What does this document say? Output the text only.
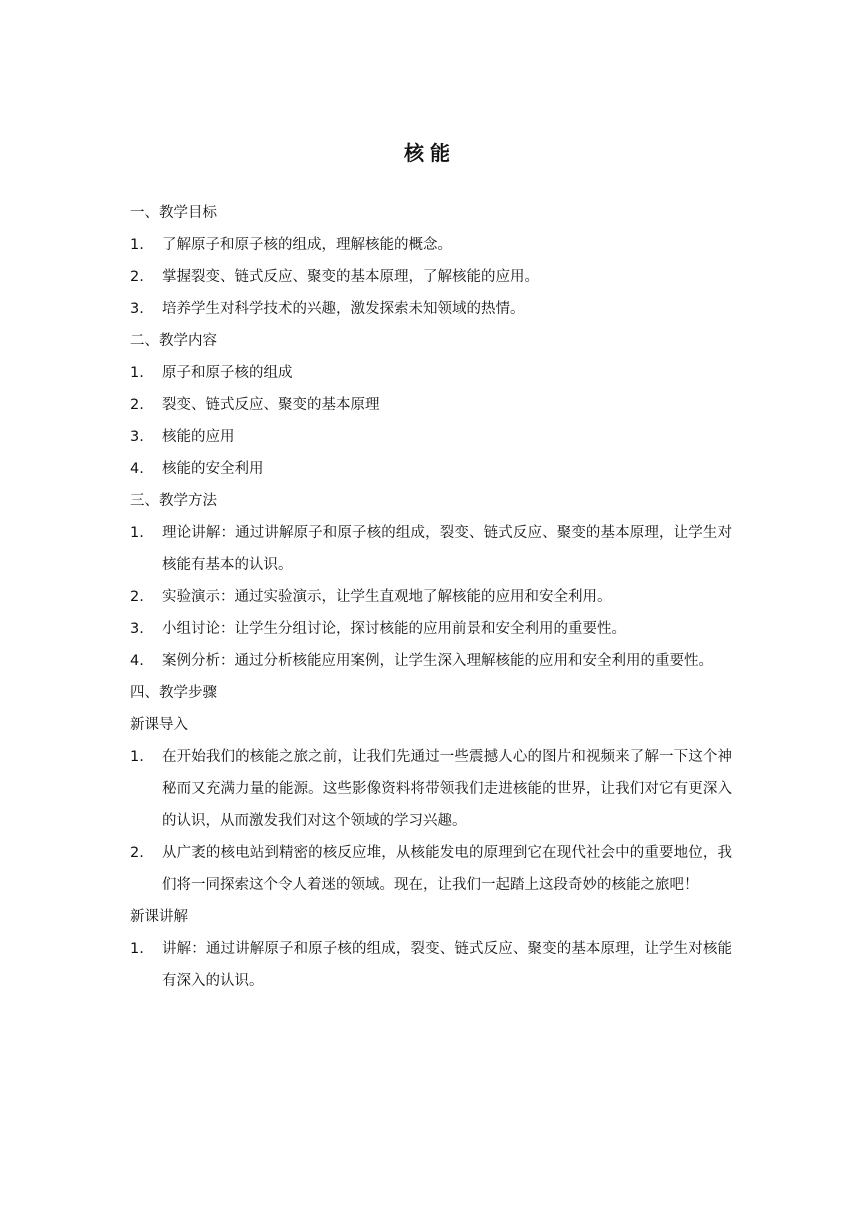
核能
一、教学目标
1.	了解原子和原子核的组成，理解核能的概念。
2.	掌握裂变、链式反应、聚变的基本原理，了解核能的应用。
3.	培养学生对科学技术的兴趣，激发探索未知领域的热情。
二、教学内容
1.	原子和原子核的组成
2.	裂变、链式反应、聚变的基本原理
3.	核能的应用
4.	核能的安全利用
三、教学方法
1.	理论讲解：通过讲解原子和原子核的组成，裂变、链式反应、聚变的基本原理，让学生对核能有基本的认识。
2.	实验演示：通过实验演示，让学生直观地了解核能的应用和安全利用。
3.	小组讨论：让学生分组讨论，探讨核能的应用前景和安全利用的重要性。
4.	案例分析：通过分析核能应用案例，让学生深入理解核能的应用和安全利用的重要性。
四、教学步骤
新课导入
1.	在开始我们的核能之旅之前，让我们先通过一些震撼人心的图片和视频来了解一下这个神秘而又充满力量的能源。这些影像资料将带领我们走进核能的世界，让我们对它有更深入的认识，从而激发我们对这个领域的学习兴趣。
2.	从广袤的核电站到精密的核反应堆，从核能发电的原理到它在现代社会中的重要地位，我们将一同探索这个令人着迷的领域。现在，让我们一起踏上这段奇妙的核能之旅吧！
新课讲解
1.	讲解：通过讲解原子和原子核的组成，裂变、链式反应、聚变的基本原理，让学生对核能有深入的认识。
